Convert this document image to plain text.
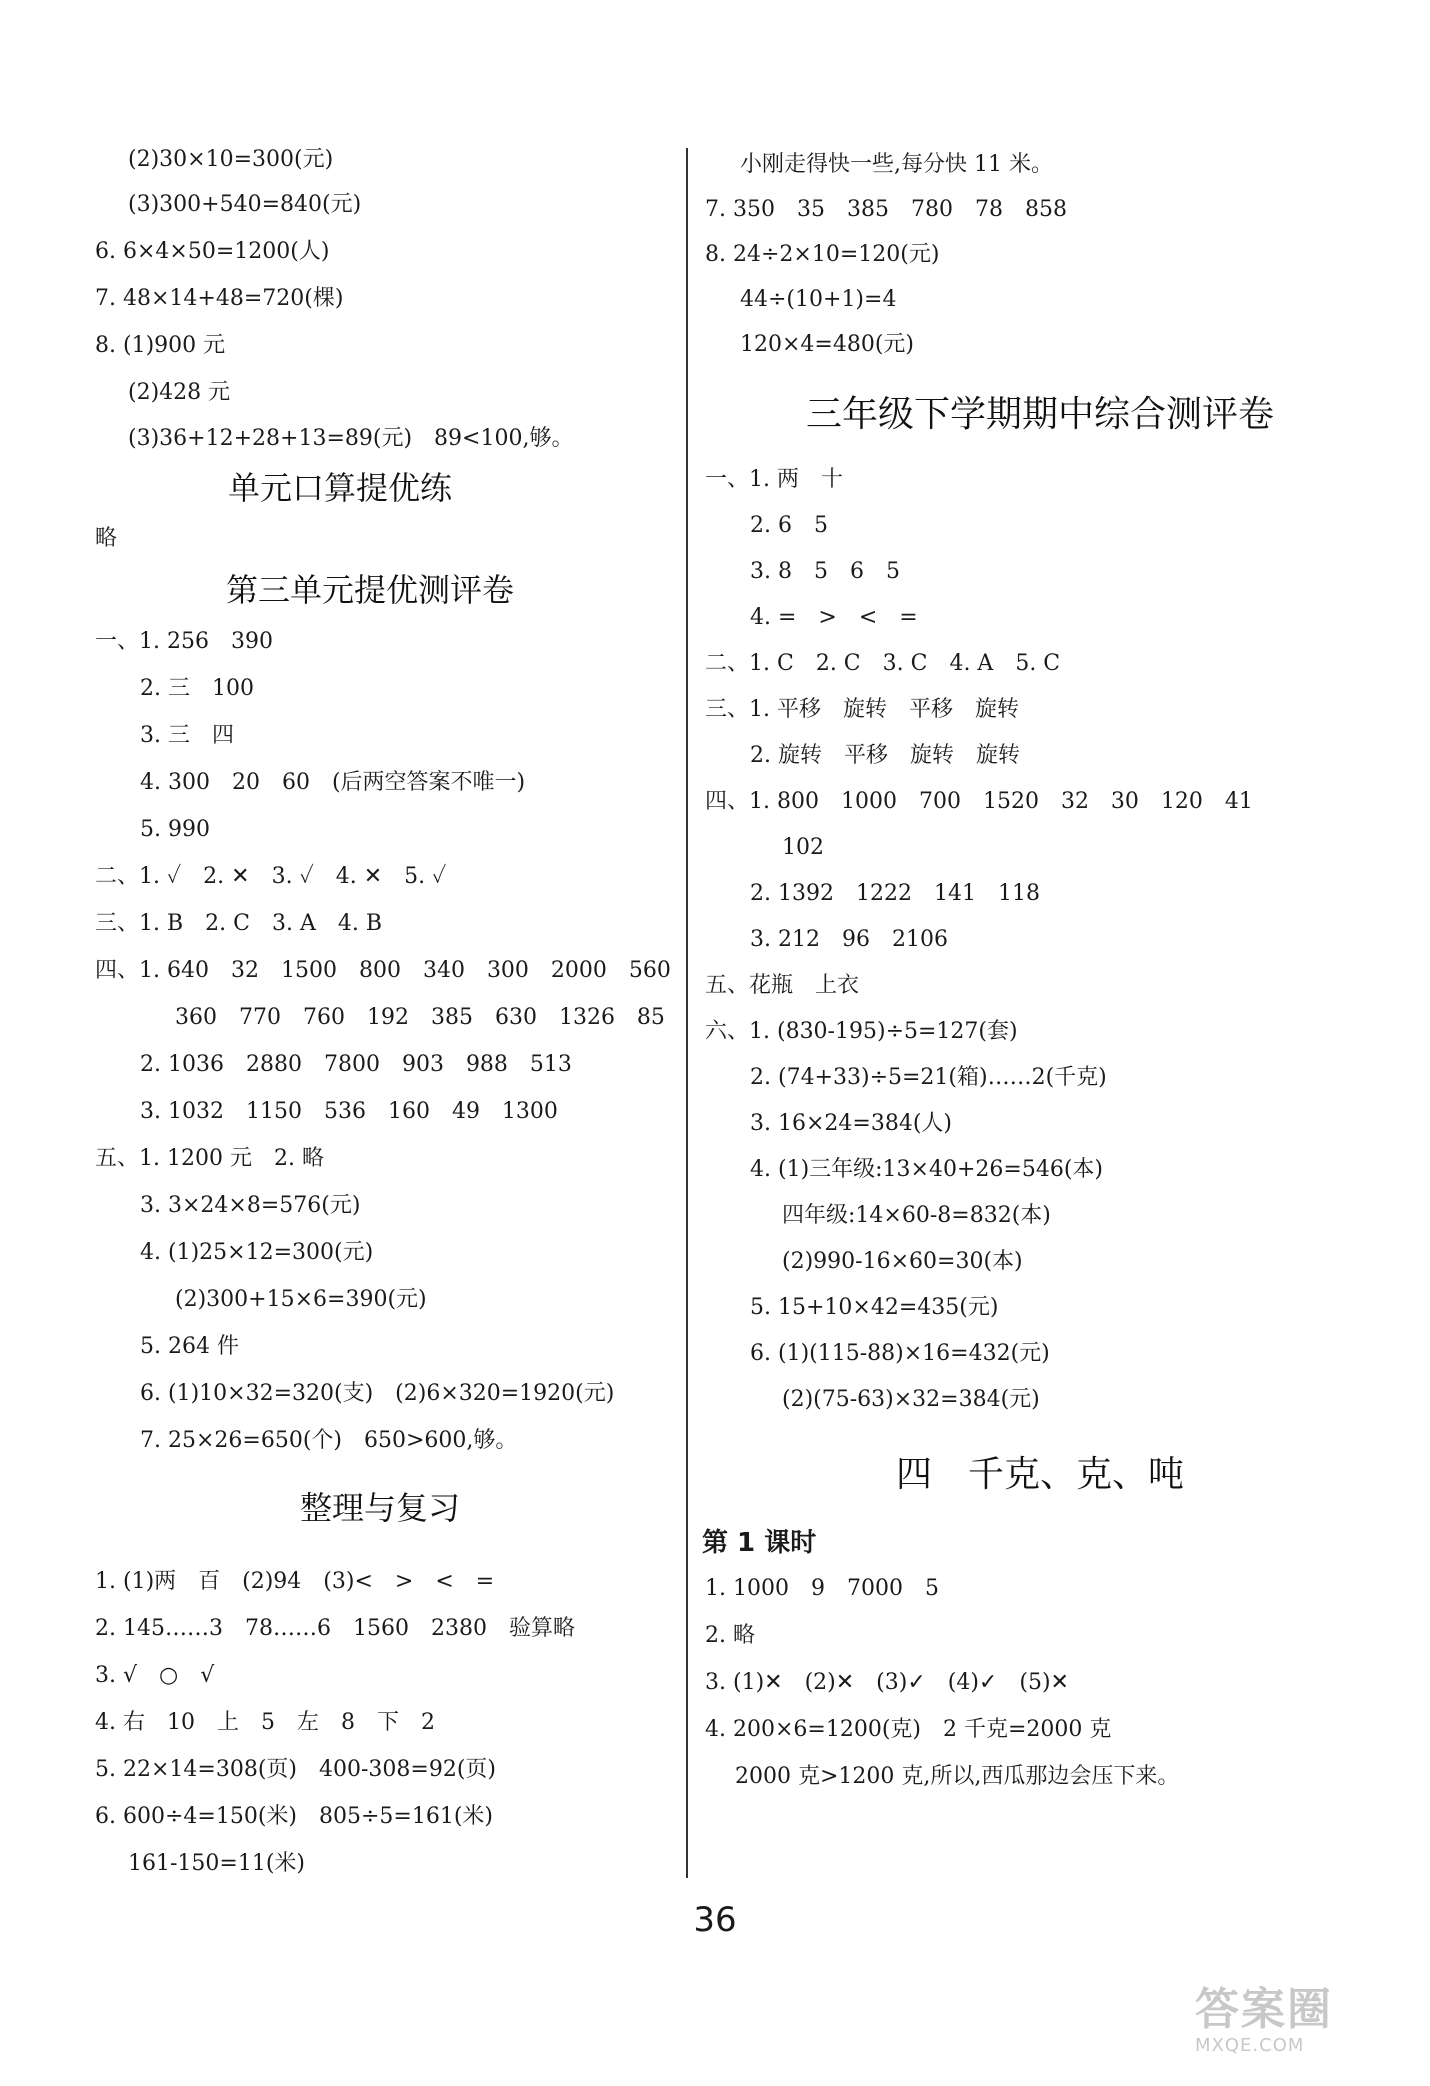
(2)30×10=300(元)
(3)300+540=840(元)
6. 6×4×50=1200(人)
7. 48×14+48=720(棵)
8. (1)900 元
(2)428 元
(3)36+12+28+13=89(元)　89<100,够。
单元口算提优练
略
第三单元提优测评卷
一、1. 256　390
2. 三　100
3. 三　四
4. 300　20　60　(后两空答案不唯一)
5. 990
二、1. ✓　2. ✕　3. ✓　4. ✕　5. ✓
三、1. B　2. C　3. A　4. B
四、1. 640　32　1500　800　340　300　2000　560
360　770　760　192　385　630　1326　85
2. 1036　2880　7800　903　988　513
3. 1032　1150　536　160　49　1300
五、1. 1200 元　2. 略
3. 3×24×8=576(元)
4. (1)25×12=300(元)
(2)300+15×6=390(元)
5. 264 件
6. (1)10×32=320(支)　(2)6×320=1920(元)
7. 25×26=650(个)　650>600,够。
整理与复习
1. (1)两　百　(2)94　(3)<　>　<　=
2. 145……3　78……6　1560　2380　验算略
3. √　○　√
4. 右　10　上　5　左　8　下　2
5. 22×14=308(页)　400-308=92(页)
6. 600÷4=150(米)　805÷5=161(米)
161-150=11(米)
小刚走得快一些,每分快 11 米。
7. 350　35　385　780　78　858
8. 24÷2×10=120(元)
44÷(10+1)=4
120×4=480(元)
三年级下学期期中综合测评卷
一、1. 两　十
2. 6　5
3. 8　5　6　5
4. =　>　<　=
二、1. C　2. C　3. C　4. A　5. C
三、1. 平移　旋转　平移　旋转
2. 旋转　平移　旋转　旋转
四、1. 800　1000　700　1520　32　30　120　41
102
2. 1392　1222　141　118
3. 212　96　2106
五、花瓶　上衣
六、1. (830-195)÷5=127(套)
2. (74+33)÷5=21(箱)……2(千克)
3. 16×24=384(人)
4. (1)三年级:13×40+26=546(本)
四年级:14×60-8=832(本)
(2)990-16×60=30(本)
5. 15+10×42=435(元)
6. (1)(115-88)×16=432(元)
(2)(75-63)×32=384(元)
四　千克、克、吨
第 1 课时
1. 1000　9　7000　5
2. 略
3. (1)✕　(2)✕　(3)✓　(4)✓　(5)✕
4. 200×6=1200(克)　2 千克=2000 克
2000 克>1200 克,所以,西瓜那边会压下来。
36
答案圈
MXQE.COM
